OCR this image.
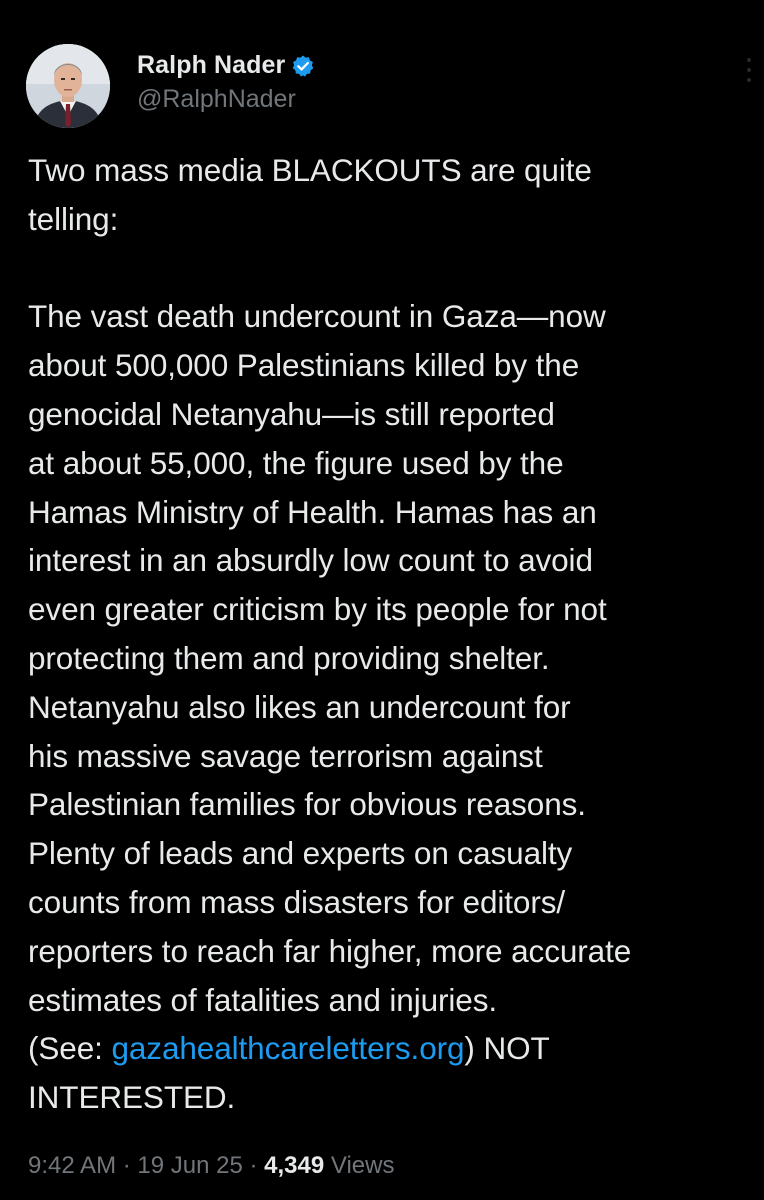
Ralph Nader
@RalphNader
Two mass media BLACKOUTS are quite
telling:

The vast death undercount in Gaza—now
about 500,000 Palestinians killed by the
genocidal Netanyahu—is still reported
at about 55,000, the figure used by the
Hamas Ministry of Health. Hamas has an
interest in an absurdly low count to avoid
even greater criticism by its people for not
protecting them and providing shelter.
Netanyahu also likes an undercount for
his massive savage terrorism against
Palestinian families for obvious reasons.
Plenty of leads and experts on casualty
counts from mass disasters for editors/
reporters to reach far higher, more accurate
estimates of fatalities and injuries.
(See: gazahealthcareletters.org) NOT
INTERESTED.
9:42 AM · 19 Jun 25 · 4,349 Views
